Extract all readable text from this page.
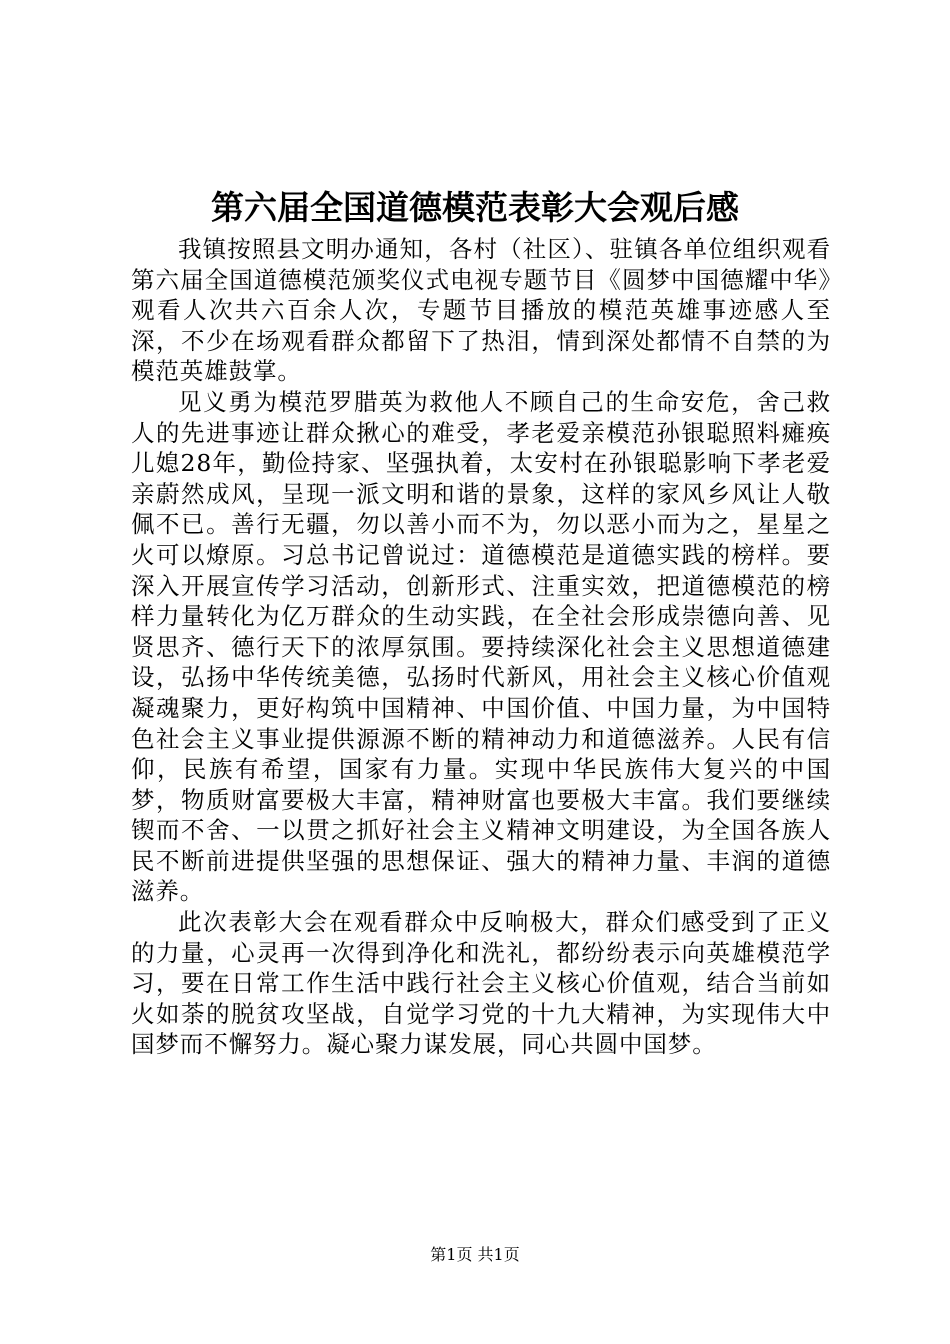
第六届全国道德模范表彰大会观后感

我镇按照县文明办通知，各村（社区）、驻镇各单位组织观看第六届全国道德模范颁奖仪式电视专题节目《圆梦中国德耀中华》观看人次共六百余人次，专题节目播放的模范英雄事迹感人至深，不少在场观看群众都留下了热泪，情到深处都情不自禁的为模范英雄鼓掌。

见义勇为模范罗腊英为救他人不顾自己的生命安危，舍己救人的先进事迹让群众揪心的难受，孝老爱亲模范孙银聪照料瘫痪儿媳28年，勤俭持家、坚强执着，太安村在孙银聪影响下孝老爱亲蔚然成风，呈现一派文明和谐的景象，这样的家风乡风让人敬佩不已。善行无疆，勿以善小而不为，勿以恶小而为之，星星之火可以燎原。习总书记曾说过：道德模范是道德实践的榜样。要深入开展宣传学习活动，创新形式、注重实效，把道德模范的榜样力量转化为亿万群众的生动实践，在全社会形成崇德向善、见贤思齐、德行天下的浓厚氛围。要持续深化社会主义思想道德建设，弘扬中华传统美德，弘扬时代新风，用社会主义核心价值观凝魂聚力，更好构筑中国精神、中国价值、中国力量，为中国特色社会主义事业提供源源不断的精神动力和道德滋养。人民有信仰，民族有希望，国家有力量。实现中华民族伟大复兴的中国梦，物质财富要极大丰富，精神财富也要极大丰富。我们要继续锲而不舍、一以贯之抓好社会主义精神文明建设，为全国各族人民不断前进提供坚强的思想保证、强大的精神力量、丰润的道德滋养。

此次表彰大会在观看群众中反响极大，群众们感受到了正义的力量，心灵再一次得到净化和洗礼，都纷纷表示向英雄模范学习，要在日常工作生活中践行社会主义核心价值观，结合当前如火如荼的脱贫攻坚战，自觉学习党的十九大精神，为实现伟大中国梦而不懈努力。凝心聚力谋发展，同心共圆中国梦。

第1页 共1页
